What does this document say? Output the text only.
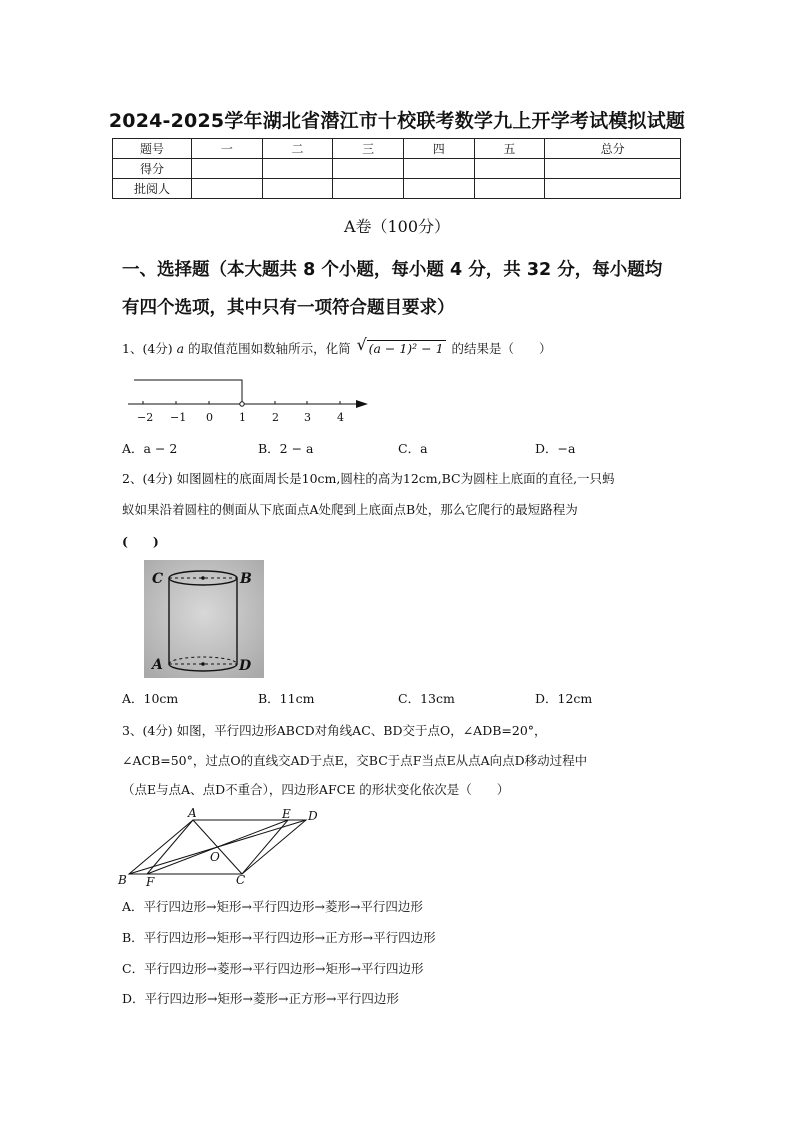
2024-2025学年湖北省潜江市十校联考数学九上开学考试模拟试题
题号	一	二	三	四	五	总分
得分						
批阅人						
A卷（100分）
一、选择题（本大题共 8 个小题，每小题 4 分，共 32 分，每小题均
有四个选项，其中只有一项符合题目要求）
1、(4分) a 的取值范围如数轴所示，化简 √ (a − 1)² − 1 的结果是（　　）
−2 −1 0 1 2 3 4
A．a − 2	B．2 − a	C．a	D．−a
2、(4分) 如图圆柱的底面周长是10cm,圆柱的高为12cm,BC为圆柱上底面的直径,一只蚂
蚁如果沿着圆柱的侧面从下底面点A处爬到上底面点B处，那么它爬行的最短路程为
(　　)
C	B
A	D
A．10cm	B．11cm	C．13cm	D．12cm
3、(4分) 如图，平行四边形ABCD对角线AC、BD交于点O，∠ADB=20°，
∠ACB=50°，过点O的直线交AD于点E，交BC于点F当点E从点A向点D移动过程中
（点E与点A、点D不重合），四边形AFCE 的形状变化依次是（　　）
A	E D
O
B F	C
A．平行四边形→矩形→平行四边形→菱形→平行四边形
B．平行四边形→矩形→平行四边形→正方形→平行四边形
C．平行四边形→菱形→平行四边形→矩形→平行四边形
D．平行四边形→矩形→菱形→正方形→平行四边形
